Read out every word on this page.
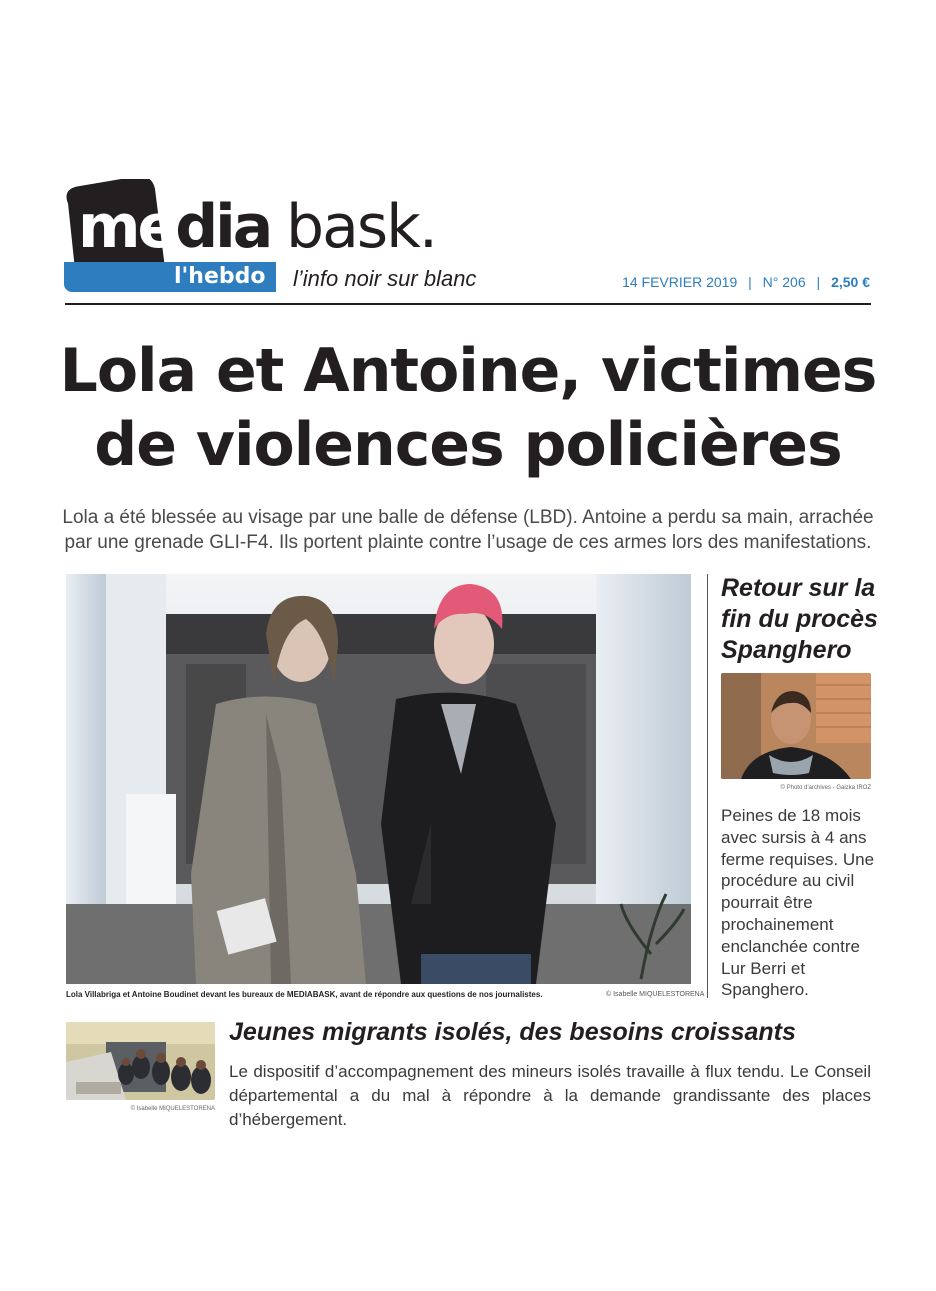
media bask.
l'hebdo l’info noir sur blanc	14 FEVRIER 2019 | N° 206 | 2,50 €
Lola et Antoine, victimes
de violences policières

Lola a été blessée au visage par une balle de défense (LBD). Antoine a perdu sa main, arrachée
par une grenade GLI-F4. Ils portent plainte contre l’usage de ces armes lors des manifestations.

Lola Villabriga et Antoine Boudinet devant les bureaux de MEDIABASK, avant de répondre aux questions de nos journalistes.	© Isabelle MIQUELESTORENA
Retour sur la fin du procès Spanghero
© Photo d’archives - Gaizka IROZ

Peines de 18 mois avec sursis à 4 ans ferme requises. Une procédure au civil pourrait être prochainement enclanchée contre Lur Berri et Spanghero.

© Isabelle MIQUELESTORENA
Jeunes migrants isolés, des besoins croissants

Le dispositif d’accompagnement des mineurs isolés travaille à flux tendu. Le Conseil
départemental a du mal à répondre à la demande grandissante des places d’hébergement.
